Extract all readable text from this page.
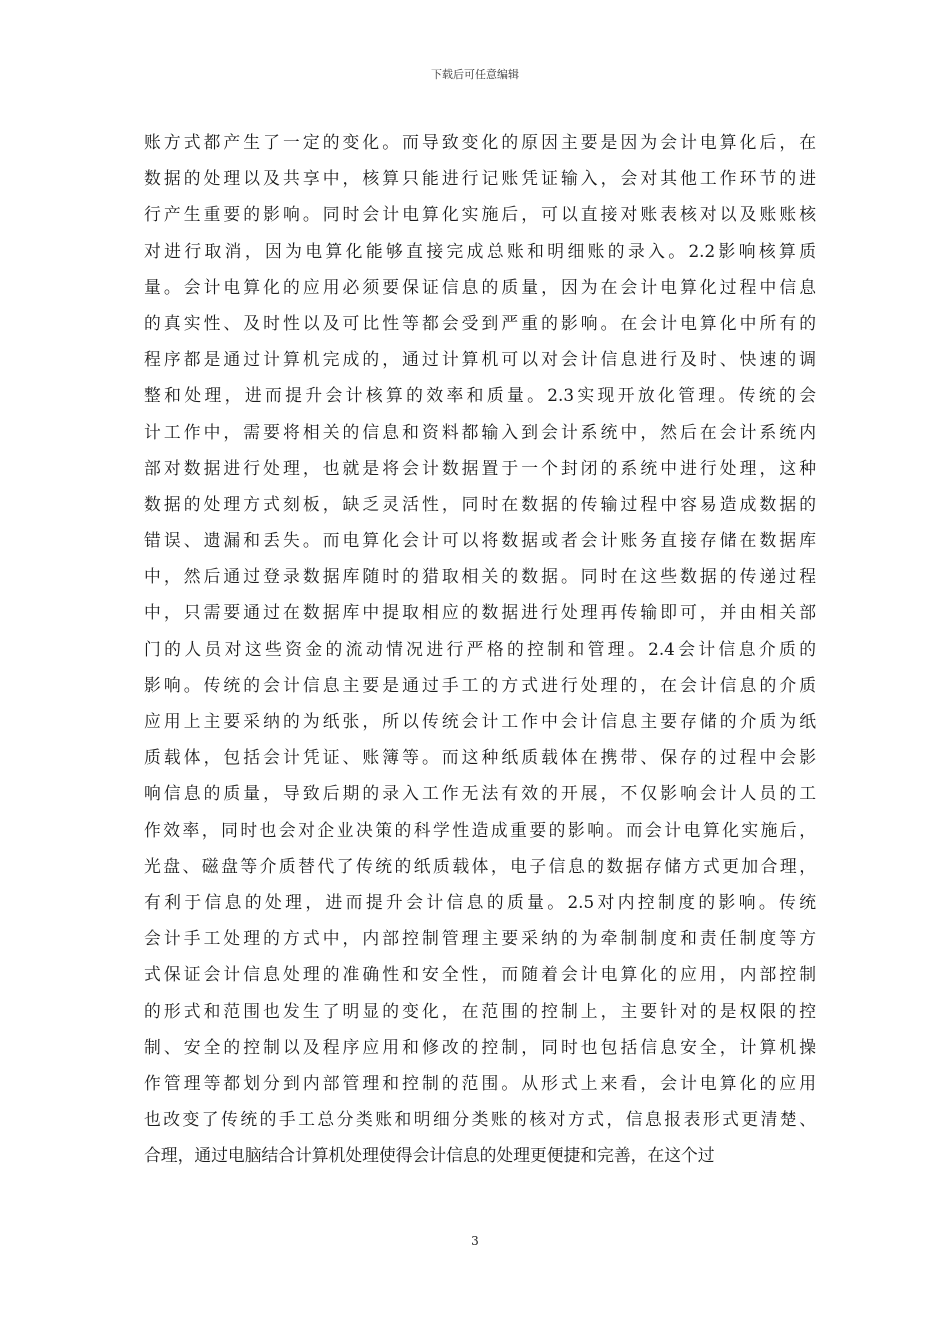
下载后可任意编辑
账方式都产生了一定的变化。而导致变化的原因主要是因为会计电算化后，在
数据的处理以及共享中，核算只能进行记账凭证输入，会对其他工作环节的进
行产生重要的影响。同时会计电算化实施后，可以直接对账表核对以及账账核
对进行取消，因为电算化能够直接完成总账和明细账的录入。2.2影响核算质
量。会计电算化的应用必须要保证信息的质量，因为在会计电算化过程中信息
的真实性、及时性以及可比性等都会受到严重的影响。在会计电算化中所有的
程序都是通过计算机完成的，通过计算机可以对会计信息进行及时、快速的调
整和处理，进而提升会计核算的效率和质量。2.3实现开放化管理。传统的会
计工作中，需要将相关的信息和资料都输入到会计系统中，然后在会计系统内
部对数据进行处理，也就是将会计数据置于一个封闭的系统中进行处理，这种
数据的处理方式刻板，缺乏灵活性，同时在数据的传输过程中容易造成数据的
错误、遗漏和丢失。而电算化会计可以将数据或者会计账务直接存储在数据库
中，然后通过登录数据库随时的猎取相关的数据。同时在这些数据的传递过程
中，只需要通过在数据库中提取相应的数据进行处理再传输即可，并由相关部
门的人员对这些资金的流动情况进行严格的控制和管理。2.4会计信息介质的
影响。传统的会计信息主要是通过手工的方式进行处理的，在会计信息的介质
应用上主要采纳的为纸张，所以传统会计工作中会计信息主要存储的介质为纸
质载体，包括会计凭证、账簿等。而这种纸质载体在携带、保存的过程中会影
响信息的质量，导致后期的录入工作无法有效的开展，不仅影响会计人员的工
作效率，同时也会对企业决策的科学性造成重要的影响。而会计电算化实施后，
光盘、磁盘等介质替代了传统的纸质载体，电子信息的数据存储方式更加合理，
有利于信息的处理，进而提升会计信息的质量。2.5对内控制度的影响。传统
会计手工处理的方式中，内部控制管理主要采纳的为牵制制度和责任制度等方
式保证会计信息处理的准确性和安全性，而随着会计电算化的应用，内部控制
的形式和范围也发生了明显的变化，在范围的控制上，主要针对的是权限的控
制、安全的控制以及程序应用和修改的控制，同时也包括信息安全，计算机操
作管理等都划分到内部管理和控制的范围。从形式上来看，会计电算化的应用
也改变了传统的手工总分类账和明细分类账的核对方式，信息报表形式更清楚、
合理，通过电脑结合计算机处理使得会计信息的处理更便捷和完善，在这个过
3
